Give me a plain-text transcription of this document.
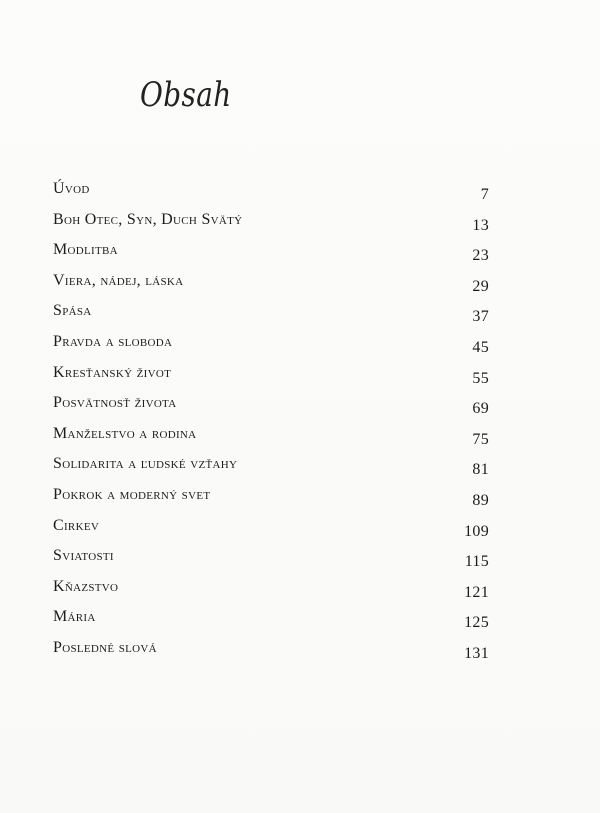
Obsah
Úvod	7
Boh Otec, Syn, Duch Svätý	13
Modlitba	23
Viera, nádej, láska	29
Spása	37
Pravda a sloboda	45
Kresťanský život	55
Posvätnosť života	69
Manželstvo a rodina	75
Solidarita a ľudské vzťahy	81
Pokrok a moderný svet	89
Cirkev	109
Sviatosti	115
Kňazstvo	121
Mária	125
Posledné slová	131
